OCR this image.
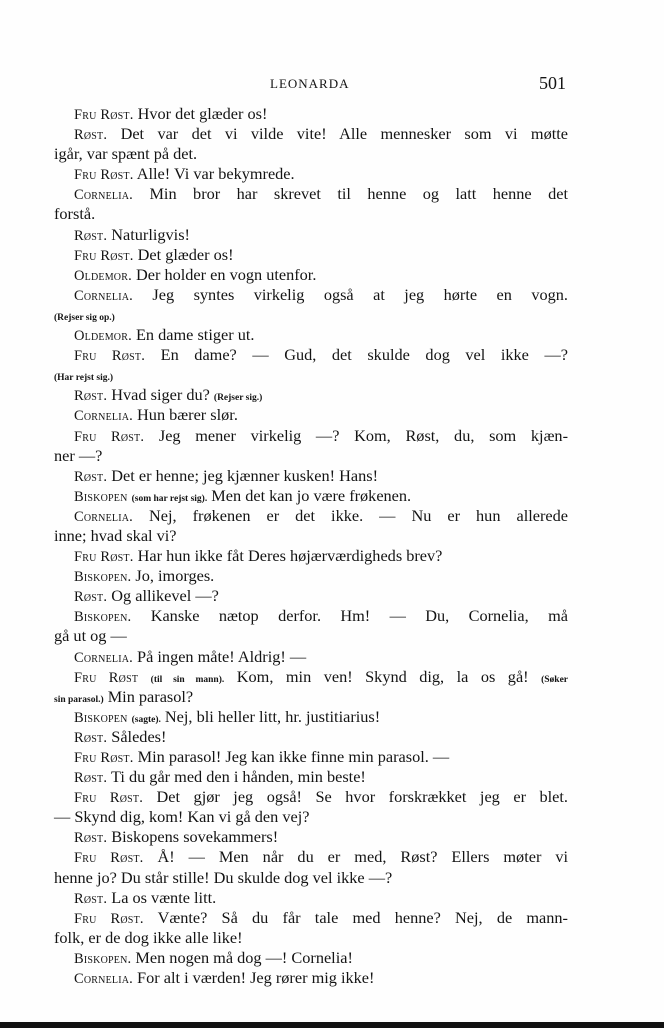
LEONARDA	501
Fru Røst. Hvor det glæder os!
Røst. Det var det vi vilde vite! Alle mennesker som vi møtte
igår, var spænt på det.
Fru Røst. Alle! Vi var bekymrede.
Cornelia. Min bror har skrevet til henne og latt henne det
forstå.
Røst. Naturligvis!
Fru Røst. Det glæder os!
Oldemor. Der holder en vogn utenfor.
Cornelia. Jeg syntes virkelig også at jeg hørte en vogn.
(Rejser sig op.)
Oldemor. En dame stiger ut.
Fru Røst. En dame? — Gud, det skulde dog vel ikke —?
(Har rejst sig.)
Røst. Hvad siger du? (Rejser sig.)
Cornelia. Hun bærer slør.
Fru Røst. Jeg mener virkelig —? Kom, Røst, du, som kjæn-
ner —?
Røst. Det er henne; jeg kjænner kusken! Hans!
Biskopen (som har rejst sig). Men det kan jo være frøkenen.
Cornelia. Nej, frøkenen er det ikke. — Nu er hun allerede
inne; hvad skal vi?
Fru Røst. Har hun ikke fåt Deres højærværdigheds brev?
Biskopen. Jo, imorges.
Røst. Og allikevel —?
Biskopen. Kanske nætop derfor. Hm! — Du, Cornelia, må
gå ut og —
Cornelia. På ingen måte! Aldrig! —
Fru Røst (til sin mann). Kom, min ven! Skynd dig, la os gå! (Søker
sin parasol.) Min parasol?
Biskopen (sagte). Nej, bli heller litt, hr. justitiarius!
Røst. Således!
Fru Røst. Min parasol! Jeg kan ikke finne min parasol. —
Røst. Ti du går med den i hånden, min beste!
Fru Røst. Det gjør jeg også! Se hvor forskrækket jeg er blet.
— Skynd dig, kom! Kan vi gå den vej?
Røst. Biskopens sovekammers!
Fru Røst. Å! — Men når du er med, Røst? Ellers møter vi
henne jo? Du står stille! Du skulde dog vel ikke —?
Røst. La os vænte litt.
Fru Røst. Vænte? Så du får tale med henne? Nej, de mann-
folk, er de dog ikke alle like!
Biskopen. Men nogen må dog —! Cornelia!
Cornelia. For alt i værden! Jeg rører mig ikke!
